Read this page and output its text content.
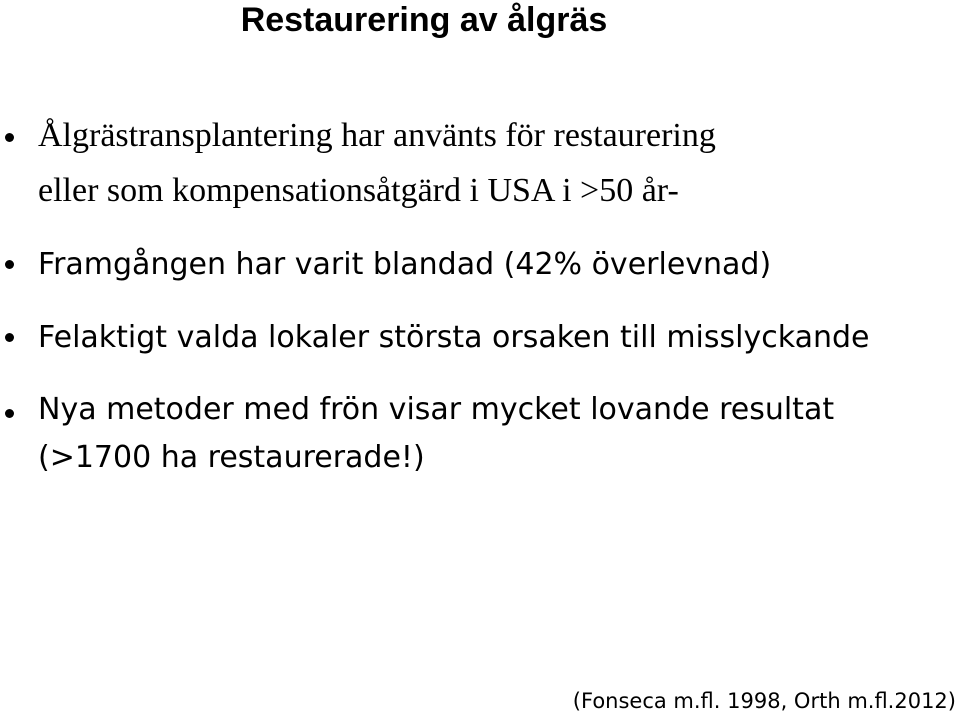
Restaurering av ålgräs
Ålgrästransplantering har använts för restaurering
eller som kompensationsåtgärd i USA i >50 år-
Framgången har varit blandad (42% överlevnad)
Felaktigt valda lokaler största orsaken till misslyckande
Nya metoder med frön visar mycket lovande resultat
(>1700 ha restaurerade!)
(Fonseca m.fl. 1998, Orth m.fl.2012)
